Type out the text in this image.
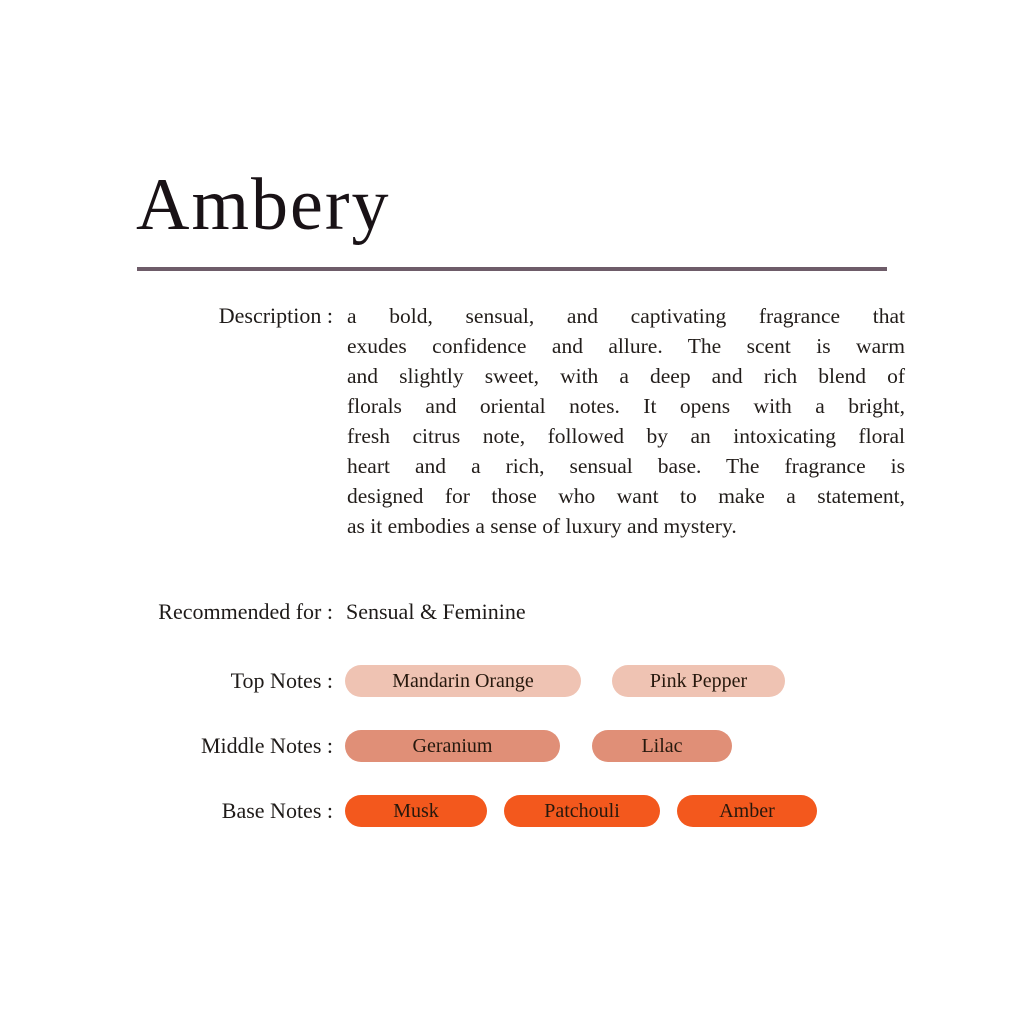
Ambery
Description : a bold, sensual, and captivating fragrance that
exudes confidence and allure. The scent is warm
and slightly sweet, with a deep and rich blend of
florals and oriental notes. It opens with a bright,
fresh citrus note, followed by an intoxicating floral
heart and a rich, sensual base. The fragrance is
designed for those who want to make a statement,
as it embodies a sense of luxury and mystery.
Recommended for : Sensual & Feminine
Top Notes :	Mandarin Orange	Pink Pepper
Middle Notes :	Geranium	Lilac
Base Notes :	Musk	Patchouli	Amber
